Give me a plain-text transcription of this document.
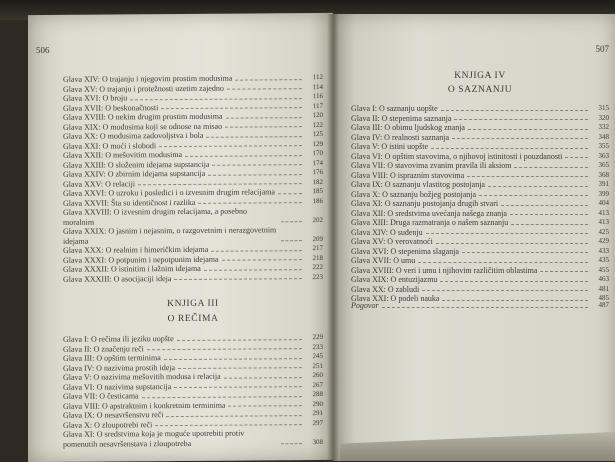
506
Glava XIV: O trajanju i njegovim prostim modusima	112
Glava XV: O trajanju i protežnosti uzetim zajedno	114
Glava XVI: O broju	116
Glava XVII: O beskonačnosti	117
Glava XVIII: O nekim drugim prostim modusima	120
Glava XIX: O modusima koji se odnose na misao	122
Glava XX: O modusima zadovoljstva i bola	125
Glava XXI: O moći i slobodi	129
Glava XXII: O mešovitim modusima	170
Glava XXIII: O složenim idejama supstancija	174
Glava XXIV: O zbirnim idejama supstancija	176
Glava XXV: O relaciji	182
Glava XXVI: O uzroku i posledici i o izvesnim drugim relacijama	185
Glava XXVII: Šta su identičnost i razlika	186
Glava XXVIII: O izvesnim drugim relacijama, a posebno moralnim	202
Glava XXIX: O jasnim i nejasnim, o razgovetnim i nerazgovetnim idejama	209
Glava XXX: O realnim i himeričkim idejama	217
Glava XXXI: O potpunim i nepotpunim idejama	218
Glava XXXII: O istinitim i lažnim idejama	222
Glava XXXIII: O asocijaciji ideja	223
KNJIGA III
O REČIMA
Glava I: O rečima ili jeziku uopšte	229
Glava II: O značenju reči	233
Glava III: O opštim terminima	245
Glava IV: O nazivima prostih ideja	251
Glava V: O nazivima mešovitih modusa i relacija	260
Glava VI: O nazivima supstancija	267
Glava VII: O česticama	288
Glava VIII: O apstraktnim i konkretnim terminima	290
Glava IX: O nesavršenstvu reči	291
Glava X: O zloupotrebi reči	297
Glava XI: O sredstvima koja je moguće upotrebiti protiv pomenutih nesavršenstava i zloupotreba	308
507
KNJIGA IV
O SAZNANJU
Glava I: O saznanju uopšte	315
Glava II: O stepenima saznanja	320
Glava III: O obimu ljudskog znanja	332
Glava IV: O realnosti saznanja	348
Glava V: O istini uopšte	355
Glava VI: O opštim stavovima, o njihovoj istinitosti i pouzdanosti	363
Glava VII: O stavovima zvanim pravila ili aksiom	365
Glava VIII: O isprazním stavovima	368
Glava IX: O saznanju vlastitog postojanja	391
Glava X: O saznanju božjeg postojanja	399
Glava XI: O saznanju postojanja drugih stvari	404
Glava XII: O sredstvima uvećanja našega znanja	413
Glava XIII: Druga razmatranja o našem saznanju	413
Glava XIV: O suđenju	425
Glava XV: O verovatnoći	429
Glava XVI: O stepenima slaganja	433
Glava XVII: O umu	435
Glava XVIII: O veri i umu i njihovim različitim oblastima	455
Glava XIX: O entuzijazmu	463
Glava XX: O zabludi	481
Glava XXI: O podeli nauka	485
Pogovor	487
